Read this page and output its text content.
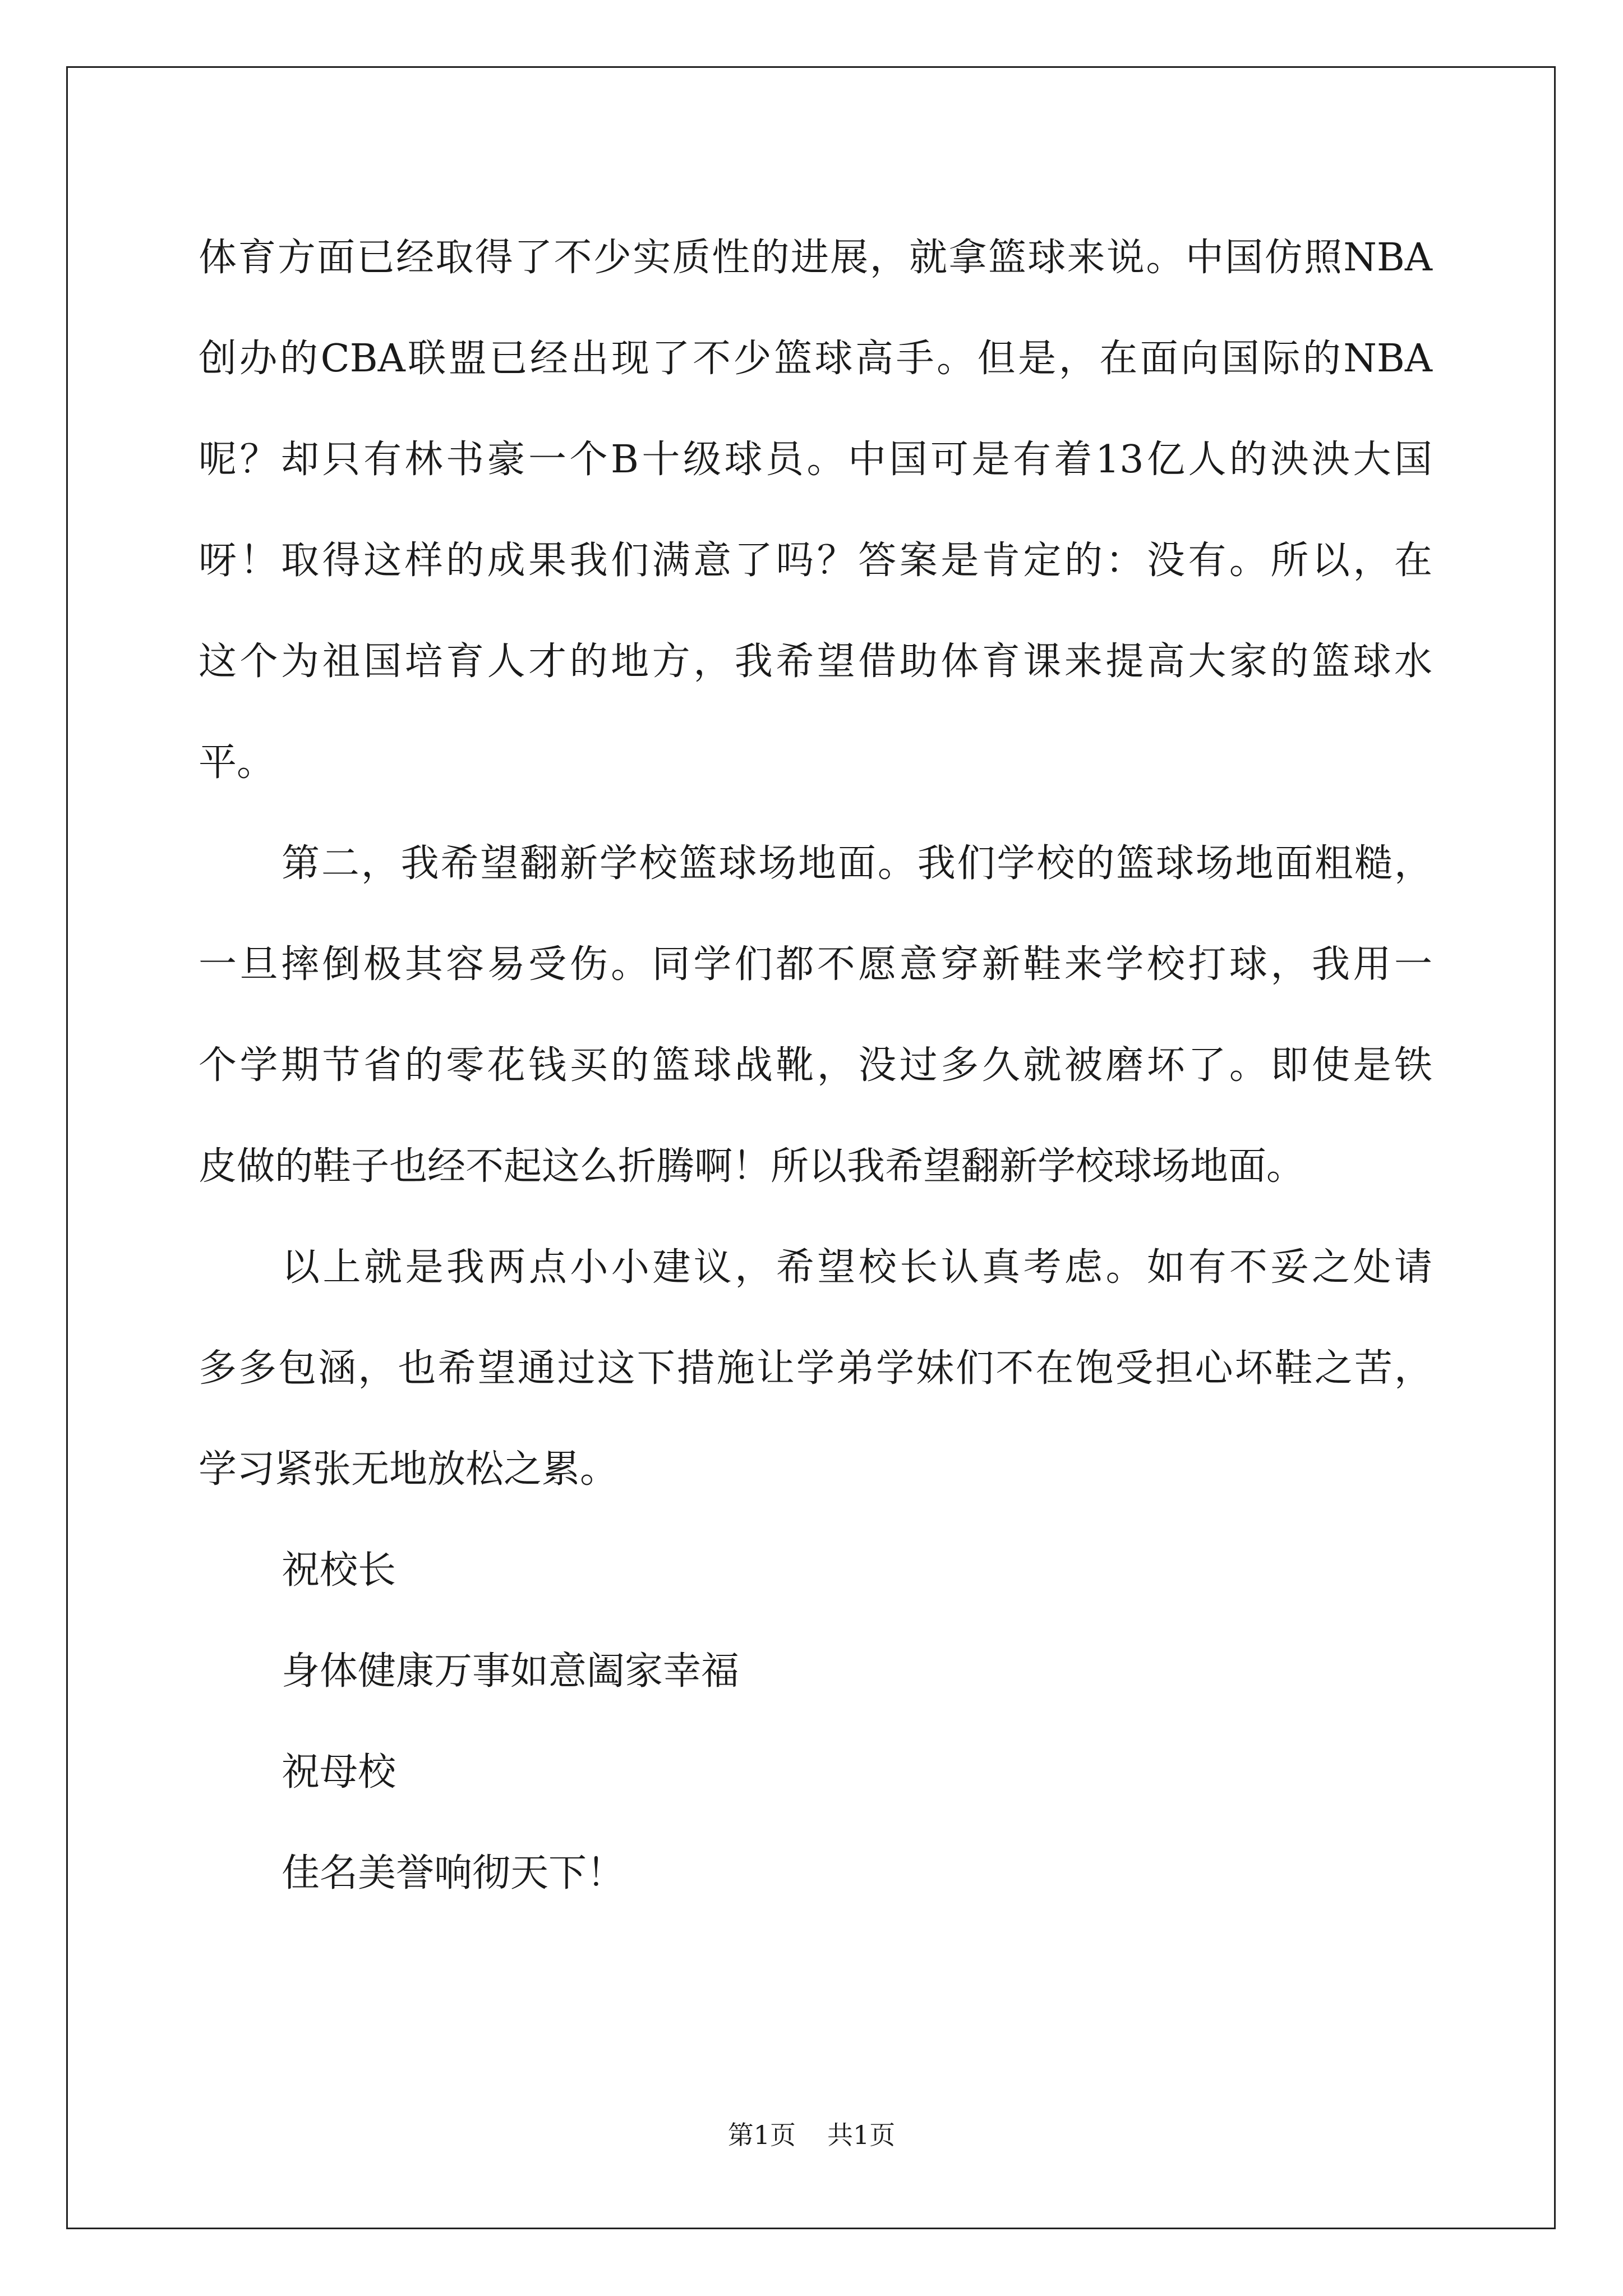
体育方面已经取得了不少实质性的进展，就拿篮球来说。中国仿照NBA
创办的CBA联盟已经出现了不少篮球高手。但是，在面向国际的NBA
呢？却只有林书豪一个B十级球员。中国可是有着13亿人的泱泱大国
呀！取得这样的成果我们满意了吗？答案是肯定的：没有。所以，在
这个为祖国培育人才的地方，我希望借助体育课来提高大家的篮球水
平。
第二，我希望翻新学校篮球场地面。我们学校的篮球场地面粗糙，
一旦摔倒极其容易受伤。同学们都不愿意穿新鞋来学校打球，我用一
个学期节省的零花钱买的篮球战靴，没过多久就被磨坏了。即使是铁
皮做的鞋子也经不起这么折腾啊！所以我希望翻新学校球场地面。
以上就是我两点小小建议，希望校长认真考虑。如有不妥之处请
多多包涵，也希望通过这下措施让学弟学妹们不在饱受担心坏鞋之苦，
学习紧张无地放松之累。
祝校长
身体健康万事如意阖家幸福
祝母校
佳名美誉响彻天下！
第1页 共1页
